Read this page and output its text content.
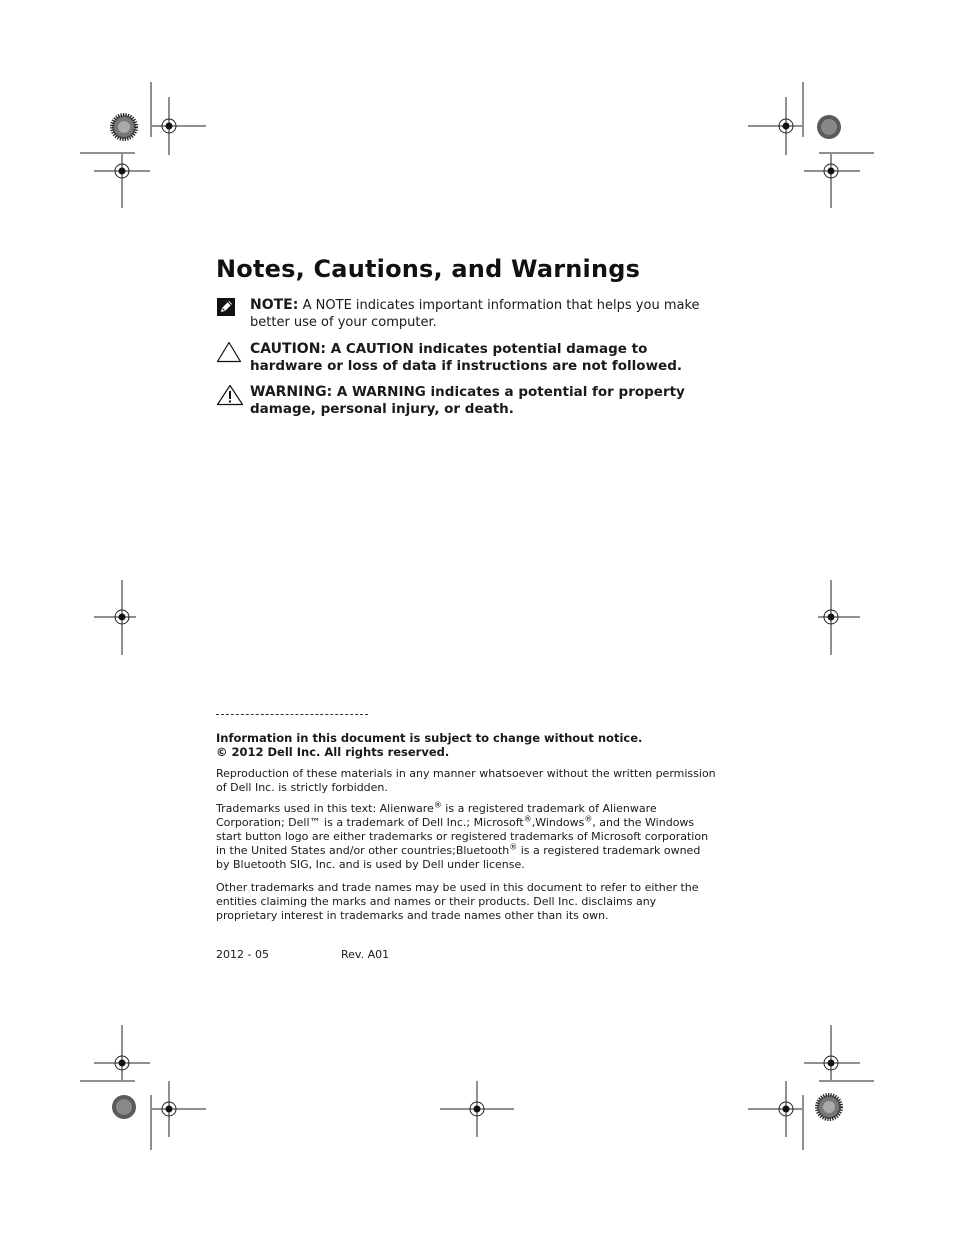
Notes, Cautions, and Warnings
NOTE: A NOTE indicates important information that helps you make better use of your computer.
CAUTION: A CAUTION indicates potential damage to hardware or loss of data if instructions are not followed.
WARNING: A WARNING indicates a potential for property damage, personal injury, or death.
Information in this document is subject to change without notice.
© 2012 Dell Inc. All rights reserved.

Reproduction of these materials in any manner whatsoever without the written permission of Dell Inc. is strictly forbidden.

Trademarks used in this text: Alienware® is a registered trademark of Alienware Corporation; Dell™ is a trademark of Dell Inc.; Microsoft®,Windows®, and the Windows start button logo are either trademarks or registered trademarks of Microsoft corporation in the United States and/or other countries;Bluetooth® is a registered trademark owned by Bluetooth SIG, Inc. and is used by Dell under license.

Other trademarks and trade names may be used in this document to refer to either the entities claiming the marks and names or their products. Dell Inc. disclaims any proprietary interest in trademarks and trade names other than its own.

2012 - 05	Rev. A01
